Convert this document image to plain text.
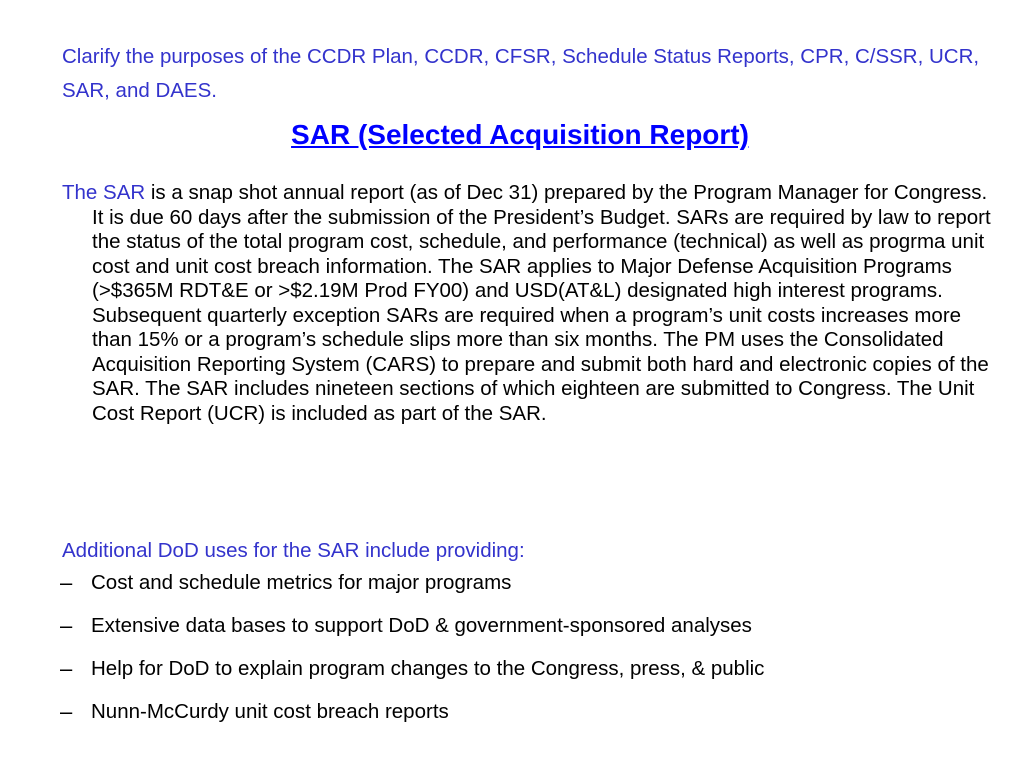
Clarify the purposes of the CCDR Plan, CCDR, CFSR, Schedule Status Reports, CPR, C/SSR, UCR, SAR, and DAES.

SAR (Selected Acquisition Report)

The SAR is a snap shot annual report (as of Dec 31) prepared by the Program Manager for Congress. It is due 60 days after the submission of the President’s Budget. SARs are required by law to report the status of the total program cost, schedule, and performance (technical) as well as progrma unit cost and unit cost breach information. The SAR applies to Major Defense Acquisition Programs (>$365M RDT&E or >$2.19M Prod FY00) and USD(AT&L) designated high interest programs. Subsequent quarterly exception SARs are required when a program’s unit costs increases more than 15% or a program’s schedule slips more than six months. The PM uses the Consolidated Acquisition Reporting System (CARS) to prepare and submit both hard and electronic copies of the SAR. The SAR includes nineteen sections of which eighteen are submitted to Congress. The Unit Cost Report (UCR) is included as part of the SAR.

Additional DoD uses for the SAR include providing:

– Cost and schedule metrics for major programs
– Extensive data bases to support DoD & government-sponsored analyses
– Help for DoD to explain program changes to the Congress, press, & public
– Nunn-McCurdy unit cost breach reports
